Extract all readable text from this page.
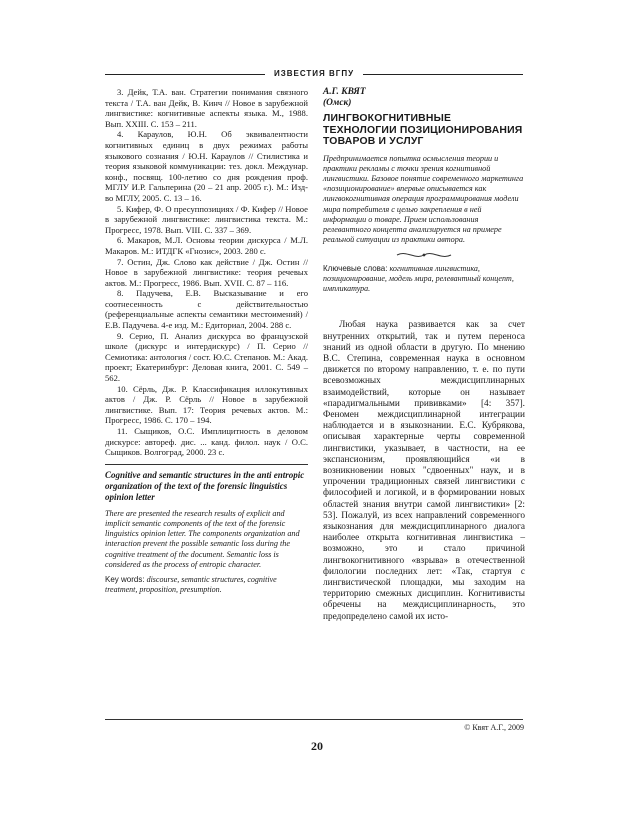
ИЗВЕСТИЯ ВГПУ

3. Дейк, Т.А. ван. Стратегии понимания связного текста / Т.А. ван Дейк, В. Кинч // Новое в зарубежной лингвистике: когнитивные аспекты языка. М., 1988. Вып. XXIII. С. 153 – 211.

4. Караулов, Ю.Н. Об эквивалентности когнитивных единиц в двух режимах работы языкового сознания / Ю.Н. Караулов // Стилистика и теория языковой коммуникации: тез. докл. Междунар. конф., посвящ. 100-летию со дня рождения проф. МГЛУ И.Р. Гальперина (20 – 21 апр. 2005 г.). М.: Изд-во МГЛУ, 2005. С. 13 – 16.

5. Кифер, Ф. О пресуппозициях / Ф. Кифер // Новое в зарубежной лингвистике: лингвистика текста. М.: Прогресс, 1978. Вып. VIII. С. 337 – 369.

6. Макаров, М.Л. Основы теории дискурса / М.Л. Макаров. М.: ИТДГК «Гнозис», 2003. 280 с.

7. Остин, Дж. Слово как действие / Дж. Остин // Новое в зарубежной лингвистике: теория речевых актов. М.: Прогресс, 1986. Вып. XVII. С. 87 – 116.

8. Падучева, Е.В. Высказывание и его соотнесенность с действительностью (референциальные аспекты семантики местоимений) / Е.В. Падучева. 4-е изд. М.: Едиториал, 2004. 288 с.

9. Серио, П. Анализ дискурса во французской школе (дискурс и интердискурс) / П. Серио // Семиотика: антология / сост. Ю.С. Степанов. М.: Акад. проект; Екатеринбург: Деловая книга, 2001. С. 549 – 562.

10. Сёрль, Дж. Р. Классификация иллокутивных актов / Дж. Р. Сёрль // Новое в зарубежной лингвистике. Вып. 17: Теория речевых актов. М.: Прогресс, 1986. С. 170 – 194.

11. Сыщиков, О.С. Имплицитность в деловом дискурсе: автореф. дис. ... канд. филол. наук / О.С. Сыщиков. Волгоград, 2000. 23 с.

Cognitive and semantic structures in the anti entropic organization of the text of the forensic linguistics opinion letter

There are presented the research results of explicit and implicit semantic components of the text of the forensic linguistics opinion letter. The components organization and interaction prevent the possible semantic loss during the cognitive treatment of the document. Semantic loss is considered as the process of entropic character.

Key words: discourse, semantic structures, cognitive treatment, proposition, presumption.

А.Г. КВЯТ

(Омск)

ЛИНГВОКОГНИТИВНЫЕ ТЕХНОЛОГИИ ПОЗИЦИОНИРОВАНИЯ ТОВАРОВ И УСЛУГ

Предпринимается попытка осмысления теории и практики рекламы с точки зрения когнитивной лингвистики. Базовое понятие современного маркетинга «позиционирование» впервые описывается как лингвокогнитивная операция программирования модели мира потребителя с целью закрепления в ней информации о товаре. Прием использования релевантного концепта анализируется на примере реальной ситуации из практики автора.

Ключевые слова: когнитивная лингвистика, позиционирование, модель мира, релевантный концепт, импликатура.

Любая наука развивается как за счет внутренних открытий, так и путем переноса знаний из одной области в другую. По мнению В.С. Степина, современная наука в основном движется по второму направлению, т. е. по пути всевозможных междисциплинарных взаимодействий, которые он называет «парадигмальными прививками» [4: 357]. Феномен междисциплинарной интеграции наблюдается и в языкознании. Е.С. Кубрякова, описывая характерные черты современной лингвистики, указывает, в частности, на ее экспансионизм, проявляющийся «и в возникновении новых "сдвоенных" наук, и в упрочении традиционных связей лингвистики с философией и логикой, и в формировании новых областей знания внутри самой лингвистики» [2: 53]. Пожалуй, из всех направлений современного языкознания для междисциплинарного диалога наиболее открыта когнитивная лингвистика – возможно, это и стало причиной лингвокогнитивного «взрыва» в отечественной филологии последних лет: «Так, стартуя с лингвистической площадки, мы заходим на территорию смежных дисциплин. Когнитивисты обречены на междисциплинарность, это предопределено самой их исто-

© Квят А.Г., 2009
20
